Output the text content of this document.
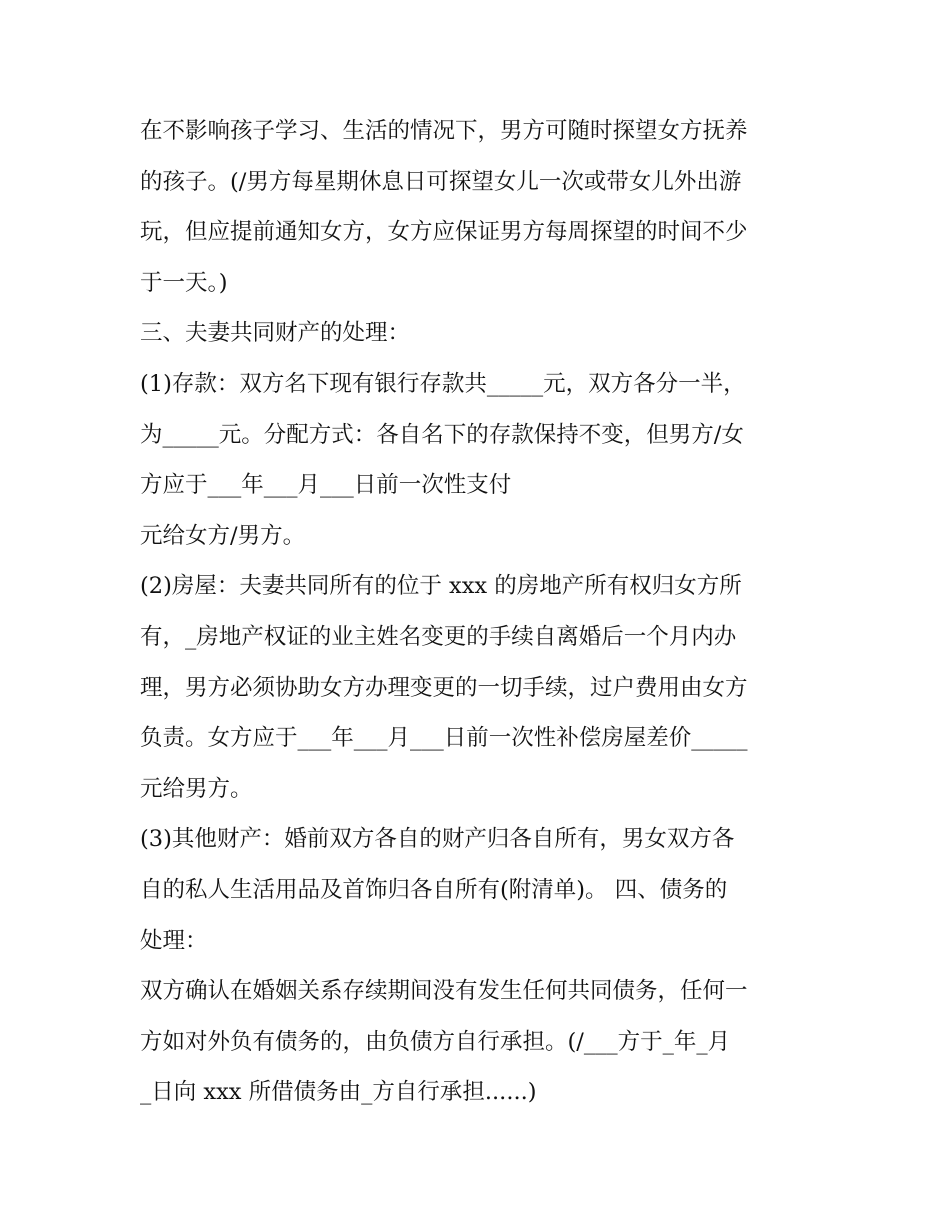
在不影响孩子学习、生活的情况下，男方可随时探望女方抚养
的孩子。(/男方每星期休息日可探望女儿一次或带女儿外出游
玩，但应提前通知女方，女方应保证男方每周探望的时间不少
于一天。)
三、夫妻共同财产的处理：
(1)存款：双方名下现有银行存款共_____元，双方各分一半，
为_____元。分配方式：各自名下的存款保持不变，但男方/女
方应于___年___月___日前一次性支付
元给女方/男方。
(2)房屋：夫妻共同所有的位于 xxx 的房地产所有权归女方所
有，_房地产权证的业主姓名变更的手续自离婚后一个月内办
理，男方必须协助女方办理变更的一切手续，过户费用由女方
负责。女方应于___年___月___日前一次性补偿房屋差价_____
元给男方。
(3)其他财产：婚前双方各自的财产归各自所有，男女双方各
自的私人生活用品及首饰归各自所有(附清单)。 四、债务的
处理：
双方确认在婚姻关系存续期间没有发生任何共同债务，任何一
方如对外负有债务的，由负债方自行承担。(/___方于_年_月
_日向 xxx 所借债务由_方自行承担......)
